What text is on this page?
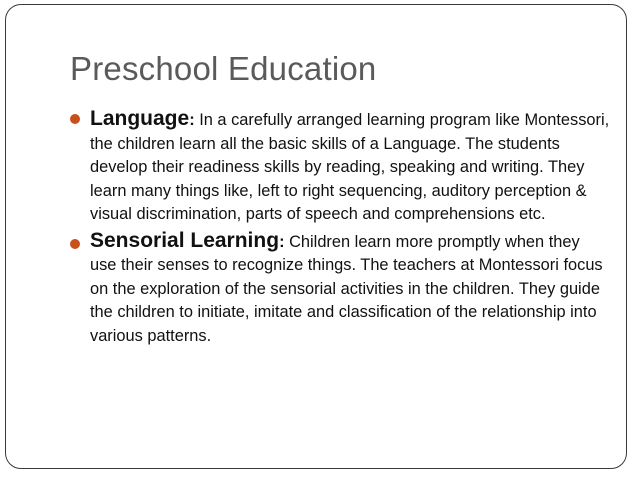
Preschool Education
Language: In a carefully arranged learning program like Montessori, the children learn all the basic skills of a Language. The students develop their readiness skills by reading, speaking and writing. They learn many things like, left to right sequencing, auditory perception & visual discrimination, parts of speech and comprehensions etc.
Sensorial Learning: Children learn more promptly when they use their senses to recognize things. The teachers at Montessori focus on the exploration of the sensorial activities in the children. They guide the children to initiate, imitate and classification of the relationship into various patterns.
